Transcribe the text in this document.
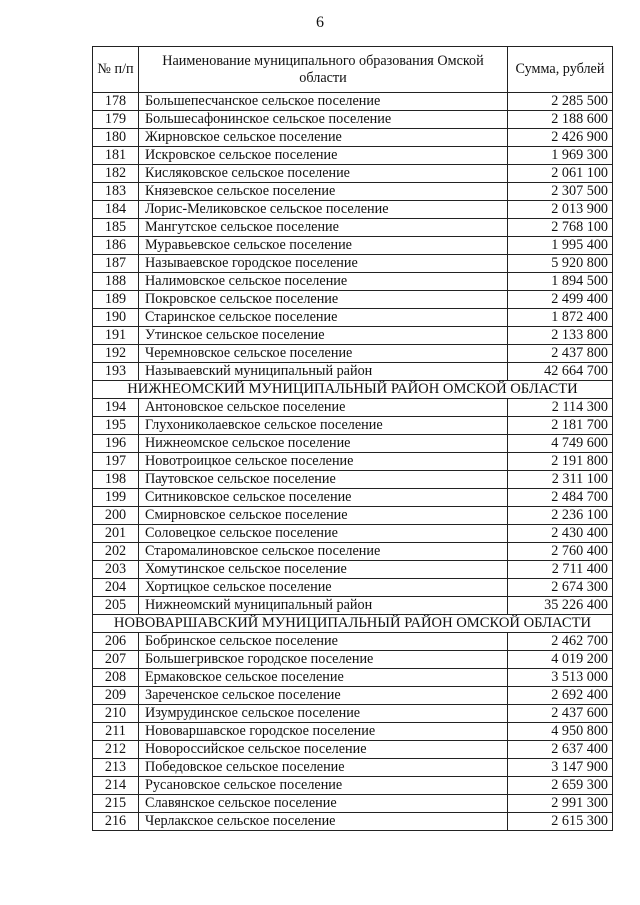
6
№ п/п	Наименование муниципального образования Омской области	Сумма, рублей
178	Большепесчанское сельское поселение	2 285 500
179	Большесафонинское сельское поселение	2 188 600
180	Жирновское сельское поселение	2 426 900
181	Искровское сельское поселение	1 969 300
182	Кисляковское сельское поселение	2 061 100
183	Князевское сельское поселение	2 307 500
184	Лорис-Меликовское сельское поселение	2 013 900
185	Мангутское сельское поселение	2 768 100
186	Муравьевское сельское поселение	1 995 400
187	Называевское городское поселение	5 920 800
188	Налимовское сельское поселение	1 894 500
189	Покровское сельское поселение	2 499 400
190	Старинское сельское поселение	1 872 400
191	Утинское сельское поселение	2 133 800
192	Черемновское сельское поселение	2 437 800
193	Называевский муниципальный район	42 664 700
НИЖНЕОМСКИЙ МУНИЦИПАЛЬНЫЙ РАЙОН ОМСКОЙ ОБЛАСТИ		
194	Антоновское сельское поселение	2 114 300
195	Глухониколаевское сельское поселение	2 181 700
196	Нижнеомское сельское поселение	4 749 600
197	Новотроицкое сельское поселение	2 191 800
198	Паутовское сельское поселение	2 311 100
199	Ситниковское сельское поселение	2 484 700
200	Смирновское сельское поселение	2 236 100
201	Соловецкое сельское поселение	2 430 400
202	Старомалиновское сельское поселение	2 760 400
203	Хомутинское сельское поселение	2 711 400
204	Хортицкое сельское поселение	2 674 300
205	Нижнеомский муниципальный район	35 226 400
НОВОВАРШАВСКИЙ МУНИЦИПАЛЬНЫЙ РАЙОН ОМСКОЙ ОБЛАСТИ		
206	Бобринское сельское поселение	2 462 700
207	Большегривское городское поселение	4 019 200
208	Ермаковское сельское поселение	3 513 000
209	Зареченское сельское поселение	2 692 400
210	Изумрудинское сельское поселение	2 437 600
211	Нововаршавское городское поселение	4 950 800
212	Новороссийское сельское поселение	2 637 400
213	Победовское сельское поселение	3 147 900
214	Русановское сельское поселение	2 659 300
215	Славянское сельское поселение	2 991 300
216	Черлакское сельское поселение	2 615 300
